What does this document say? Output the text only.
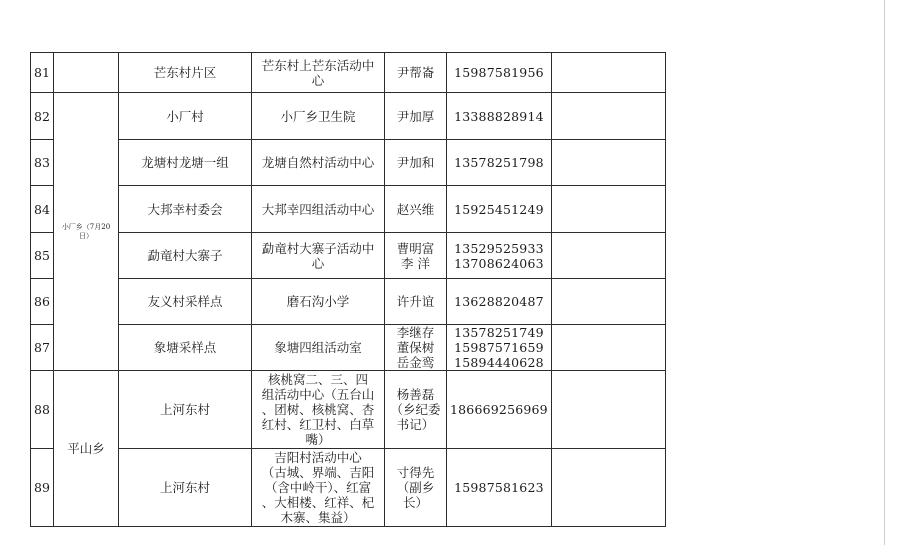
81		芒东村片区	芒东村上芒东活动中
心	尹帮崙	15987581956	

82	小厂乡（7月20日）	小厂村	小厂乡卫生院	尹加厚	13388828914	

83		龙塘村龙塘一组	龙塘自然村活动中心	尹加和	13578251798	

84		大邦幸村委会	大邦幸四组活动中心	赵兴维	15925451249	

85		勐竜村大寨子	勐竜村大寨子活动中
心	曹明富
李 洋	13529525933
13708624063	

86		友义村采样点	磨石沟小学	许升谊	13628820487	

87		象塘采样点	象塘四组活动室	李继存
董保树
岳金鸾	13578251749
15987571659
15894440628	

88	平山乡	上河东村	核桃窝二、三、四
组活动中心（五台山
、团树、核桃窝、杏
红村、红卫村、白草
嘴）	杨善磊
（乡纪委
书记）	186669256969	

89		上河东村	吉阳村活动中心
（古城、界端、吉阳
（含中岭干）、红富
、大相楼、红祥、杞
木寨、集益）	寸得先
（副乡
长）	15987581623	
